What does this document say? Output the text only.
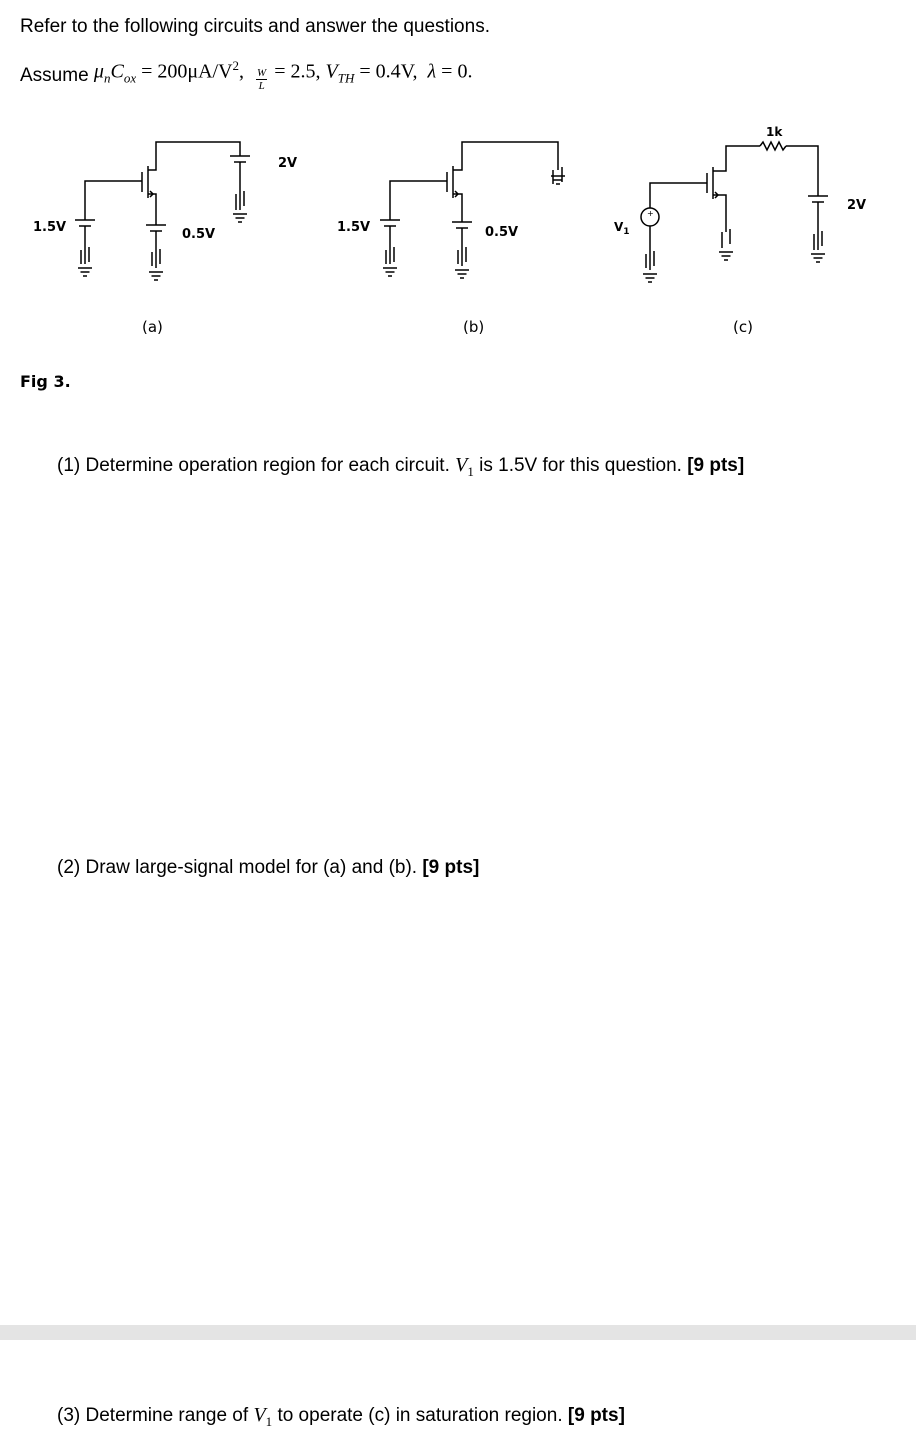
Refer to the following circuits and answer the questions.
Assume
$\mu_nC_{ox} = 200\mu A/V^2$, $\frac{W}{L} = 2.5$, $V_{TH} = 0.4V$, λ = 0.
1.5V	0.5V
2V
(a)
1.5V	0.5V
(b)
+
$V_1$
1k
2V
(c)
Fig 3.
(1) Determine operation region for each circuit. $V_1$ is 1.5V for this question. [9 pts]
(2) Draw large-signal model for (a) and (b). [9 pts]
(3) Determine range of $V_1$ to operate (c) in saturation region. [9 pts]
